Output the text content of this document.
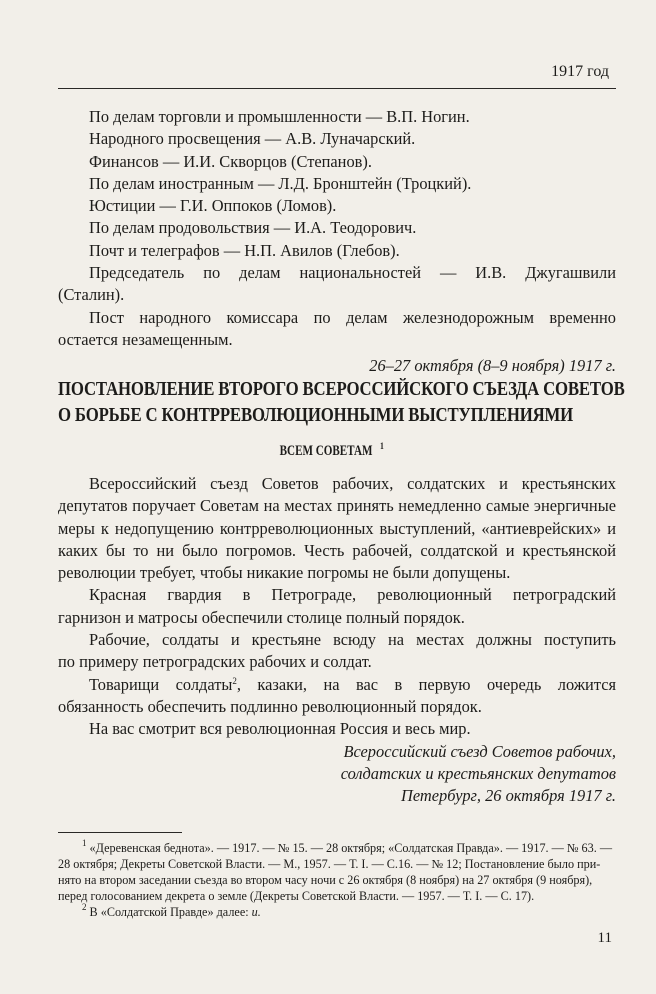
1917 год
По делам торговли и промышленности — В.П. Ногин.
Народного просвещения — А.В. Луначарский.
Финансов — И.И. Скворцов (Степанов).
По делам иностранным — Л.Д. Бронштейн (Троцкий).
Юстиции — Г.И. Оппоков (Ломов).
По делам продовольствия — И.А. Теодорович.
Почт и телеграфов — Н.П. Авилов (Глебов).
Председатель по делам национальностей — И.В. Джугашвили
(Сталин).
Пост народного комиссара по делам железнодорожным временно
остается незамещенным.
26–27 октября (8–9 ноября) 1917 г.
ПОСТАНОВЛЕНИЕ ВТОРОГО ВСЕРОССИЙСКОГО СЪЕЗДА СОВЕТОВ
О БОРЬБЕ С КОНТРРЕВОЛЮЦИОННЫМИ ВЫСТУПЛЕНИЯМИ
ВСЕМ СОВЕТАМ $^1$
Всероссийский съезд Советов рабочих, солдатских и крестьянских
депутатов поручает Советам на местах принять немедленно самые энергичные
меры к недопущению контрреволюционных выступлений, «антиеврейских» и
каких бы то ни было погромов. Честь рабочей, солдатской и крестьянской
революции требует, чтобы никакие погромы не были допущены.
Красная гвардия в Петрограде, революционный петроградский
гарнизон и матросы обеспечили столице полный порядок.
Рабочие, солдаты и крестьяне всюду на местах должны поступить
по примеру петроградских рабочих и солдат.
Товарищи солдаты$^2$, казаки, на вас в первую очередь ложится
обязанность обеспечить подлинно революционный порядок.
На вас смотрит вся революционная Россия и весь мир.
Всероссийский съезд Советов рабочих,
солдатских и крестьянских депутатов
Петербург, 26 октября 1917 г.
$^1$ «Деревенская беднота». — 1917. — № 15. — 28 октября; «Солдатская Правда». — 1917. — № 63. —
28 октября; Декреты Советской Власти. — М., 1957. — Т. I. — С.16. — № 12; Постановление было при-
нято на втором заседании съезда во втором часу ночи с 26 октября (8 ноября) на 27 октября (9 ноября),
перед голосованием декрета о земле (Декреты Советской Власти. — 1957. — Т. I. — С. 17).
$^2$ В «Солдатской Правде» далее: и.
11
